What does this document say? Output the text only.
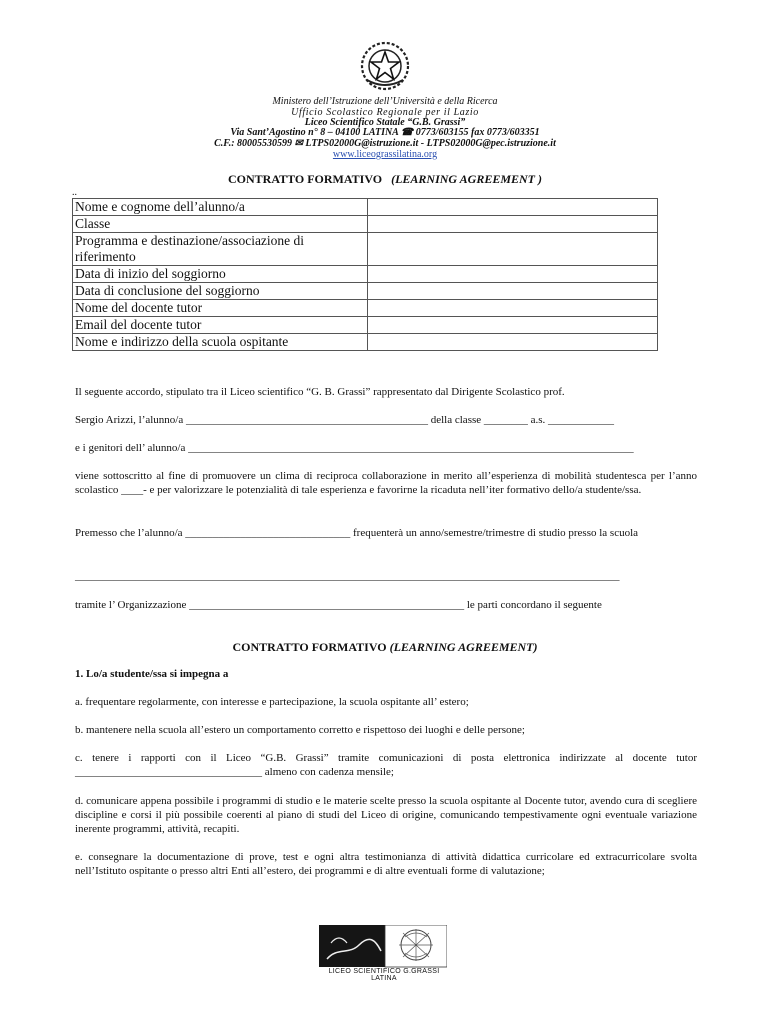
Ministero dell’Istruzione dell’Università e della Ricerca
Ufficio Scolastico Regionale per il Lazio
Liceo Scientifico Statale “G.B. Grassi”
Via Sant’Agostino n° 8 – 04100 LATINA ☎ 0773/603155 fax 0773/603351
C.F.: 80005530599 ✉ LTPS02000G@istruzione.it - LTPS02000G@pec.istruzione.it
www.liceograssilatina.org
CONTRATTO FORMATIVO (LEARNING AGREEMENT )
..
Nome e cognome dell’alunno/a	
Classe	
Programma e destinazione/associazione di riferimento	
Data di inizio del soggiorno	
Data di conclusione del soggiorno	
Nome del docente tutor	
Email del docente tutor	
Nome e indirizzo della scuola ospitante	
Il seguente accordo, stipulato tra il Liceo scientifico “G. B. Grassi” rappresentato dal Dirigente Scolastico prof.
Sergio Arizzi, l’alunno/a ____________________________________________ della classe ________ a.s. ____________
e i genitori dell’ alunno/a _________________________________________________________________________________
viene sottoscritto al fine di promuovere un clima di reciproca collaborazione in merito all’esperienza di mobilità studentesca per l’anno scolastico ____- e per valorizzare le potenzialità di tale esperienza e favorirne la ricaduta nell’iter formativo dello/a studente/ssa.
Premesso che l’alunno/a ______________________________ frequenterà un anno/semestre/trimestre di studio presso la scuola
___________________________________________________________________________________________________
tramite l’ Organizzazione __________________________________________________ le parti concordano il seguente
CONTRATTO FORMATIVO (LEARNING AGREEMENT)
1. Lo/a studente/ssa si impegna a
a. frequentare regolarmente, con interesse e partecipazione, la scuola ospitante all’ estero;
b. mantenere nella scuola all’estero un comportamento corretto e rispettoso dei luoghi e delle persone;
c. tenere i rapporti con il Liceo “G.B. Grassi” tramite comunicazioni di posta elettronica indirizzate al docente tutor __________________________________ almeno con cadenza mensile;
d. comunicare appena possibile i programmi di studio e le materie scelte presso la scuola ospitante al Docente tutor, avendo cura di scegliere discipline e corsi il più possibile coerenti al piano di studi del Liceo di origine, comunicando tempestivamente ogni eventuale variazione inerente programmi, attività, recapiti.
e. consegnare la documentazione di prove, test e ogni altra testimonianza di attività didattica curricolare ed extracurricolare svolta nell’Istituto ospitante o presso altri Enti all’estero, dei programmi e di altre eventuali forme di valutazione;
LICEO SCIENTIFICO G.GRASSI LATINA
